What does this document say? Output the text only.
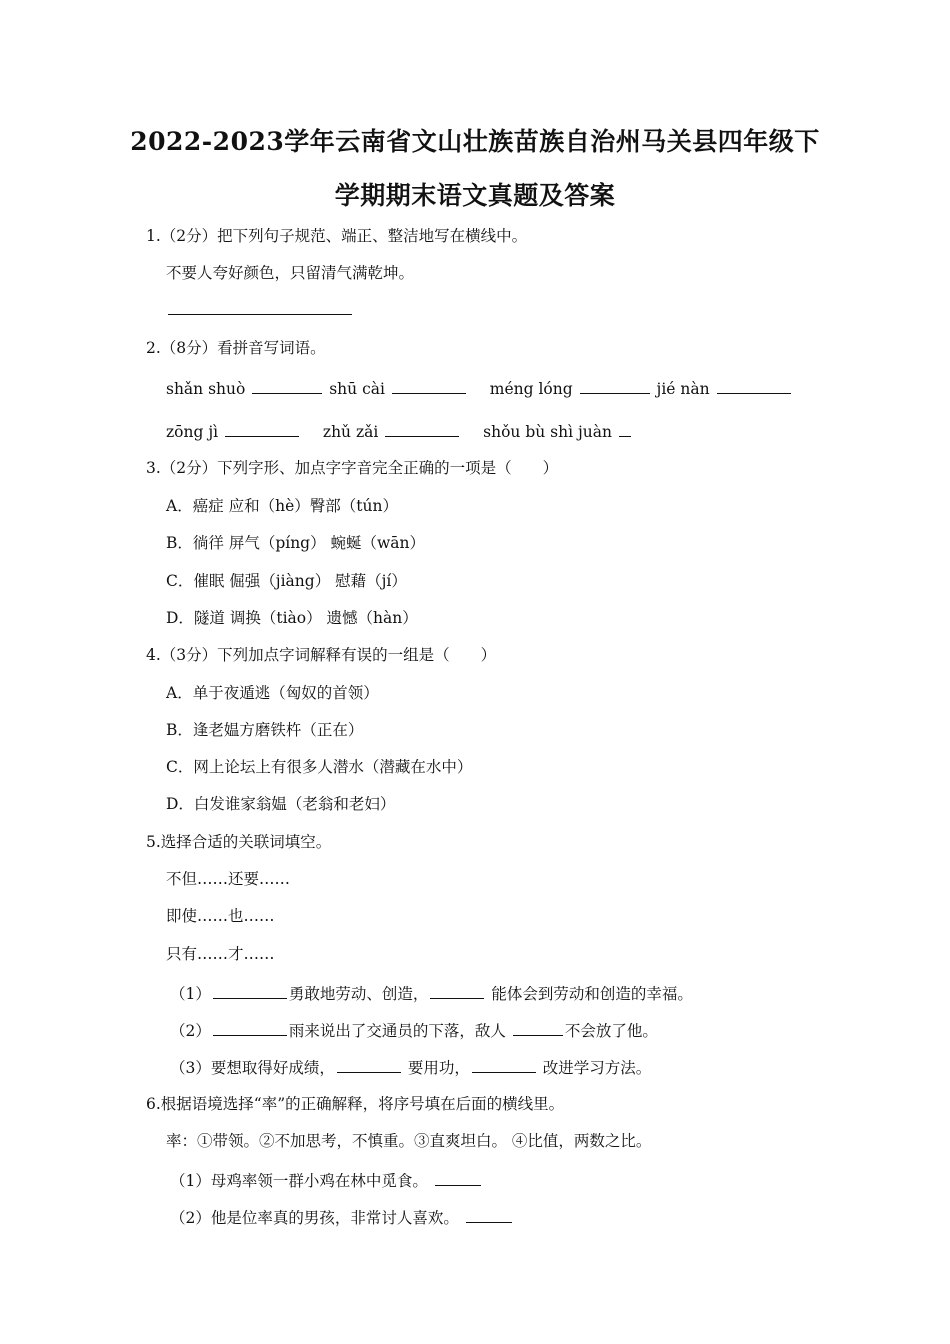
2022-2023学年云南省文山壮族苗族自治州马关县四年级下
学期期末语文真题及答案
1.（2分）把下列句子规范、端正、整洁地写在横线中。
不要人夸好颜色，只留清气满乾坤。
2.（8分）看拼音写词语。
shǎn shuò	shū cài	méng lóng	jié nàn
zōng jì	zhǔ zǎi	shǒu bù shì juàn
3.（2分）下列字形、加点字字音完全正确的一项是（　　）
A．癌症 应和（hè）臀部（tún）
B．徜徉 屏气（píng） 蜿蜒（wān）
C．催眠 倔强（jiàng） 慰藉（jí）
D．隧道 调换（tiào） 遗憾（hàn）
4.（3分）下列加点字词解释有误的一组是（　　）
A．单于夜遁逃（匈奴的首领）
B．逢老媪方磨铁杵（正在）
C．网上论坛上有很多人潜水（潜藏在水中）
D．白发谁家翁媪（老翁和老妇）
5.选择合适的关联词填空。
不但……还要……
即使……也……
只有……才……
（1）	勇敢地劳动、创造，	能体会到劳动和创造的幸福。
（2）	雨来说出了交通员的下落，敌人	不会放了他。
（3）要想取得好成绩，	要用功，	改进学习方法。
6.根据语境选择“率”的正确解释，将序号填在后面的横线里。
率：①带领。②不加思考，不慎重。③直爽坦白。 ④比值，两数之比。
（1）母鸡率领一群小鸡在林中觅食。
（2）他是位率真的男孩，非常讨人喜欢。
